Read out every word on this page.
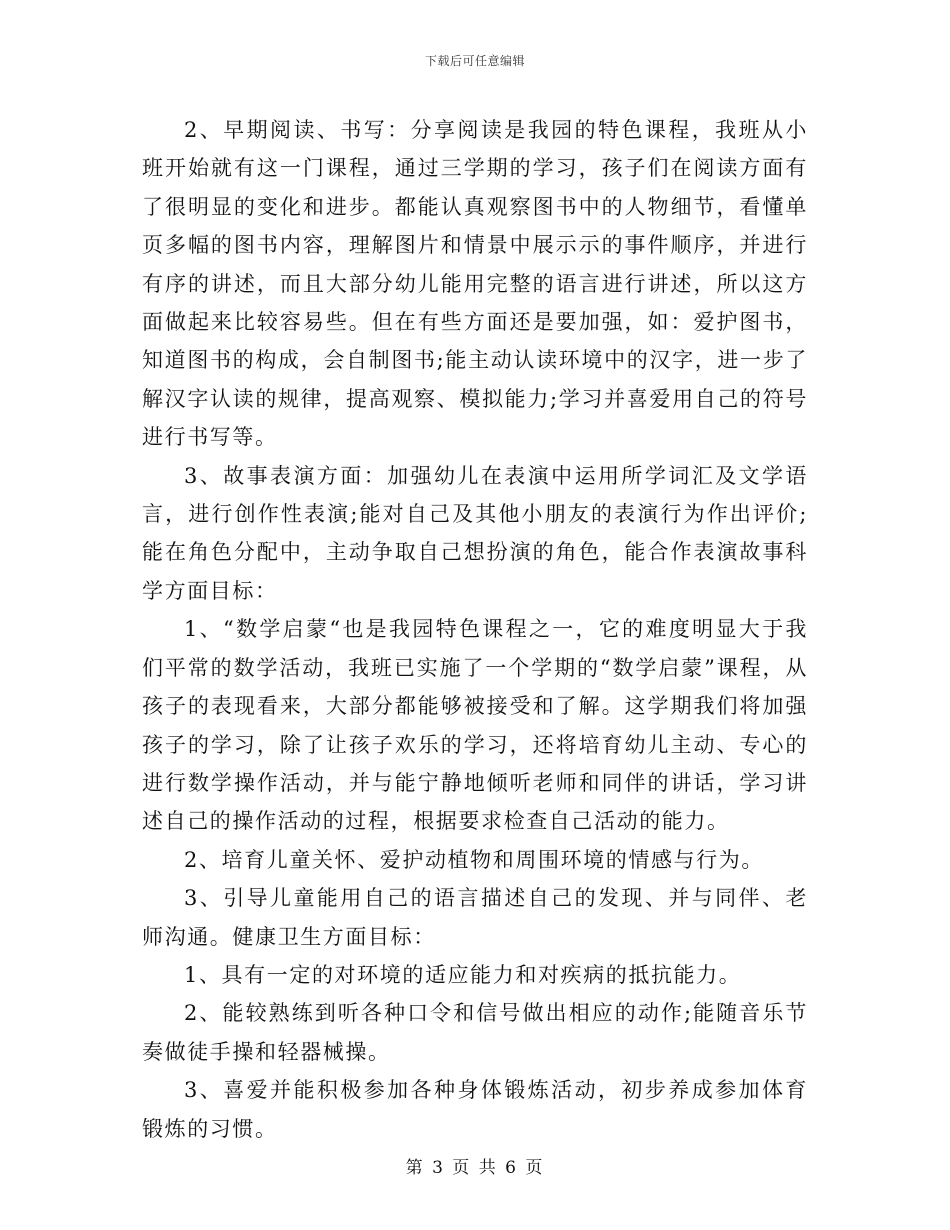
下载后可任意编辑

2、早期阅读、书写：分享阅读是我园的特色课程，我班从小班开始就有这一门课程，通过三学期的学习，孩子们在阅读方面有了很明显的变化和进步。都能认真观察图书中的人物细节，看懂单页多幅的图书内容，理解图片和情景中展示示的事件顺序，并进行有序的讲述，而且大部分幼儿能用完整的语言进行讲述，所以这方面做起来比较容易些。但在有些方面还是要加强，如：爱护图书，知道图书的构成，会自制图书;能主动认读环境中的汉字，进一步了解汉字认读的规律，提高观察、模拟能力;学习并喜爱用自己的符号进行书写等。

3、故事表演方面：加强幼儿在表演中运用所学词汇及文学语言，进行创作性表演;能对自己及其他小朋友的表演行为作出评价;能在角色分配中，主动争取自己想扮演的角色，能合作表演故事科学方面目标：

1、“数学启蒙“也是我园特色课程之一，它的难度明显大于我们平常的数学活动，我班已实施了一个学期的“数学启蒙”课程，从孩子的表现看来，大部分都能够被接受和了解。这学期我们将加强孩子的学习，除了让孩子欢乐的学习，还将培育幼儿主动、专心的进行数学操作活动，并与能宁静地倾听老师和同伴的讲话，学习讲述自己的操作活动的过程，根据要求检查自己活动的能力。

2、培育儿童关怀、爱护动植物和周围环境的情感与行为。

3、引导儿童能用自己的语言描述自己的发现、并与同伴、老师沟通。健康卫生方面目标：

1、具有一定的对环境的适应能力和对疾病的抵抗能力。

2、能较熟练到听各种口令和信号做出相应的动作;能随音乐节奏做徒手操和轻器械操。

3、喜爱并能积极参加各种身体锻炼活动，初步养成参加体育锻炼的习惯。

第 3 页 共 6 页
